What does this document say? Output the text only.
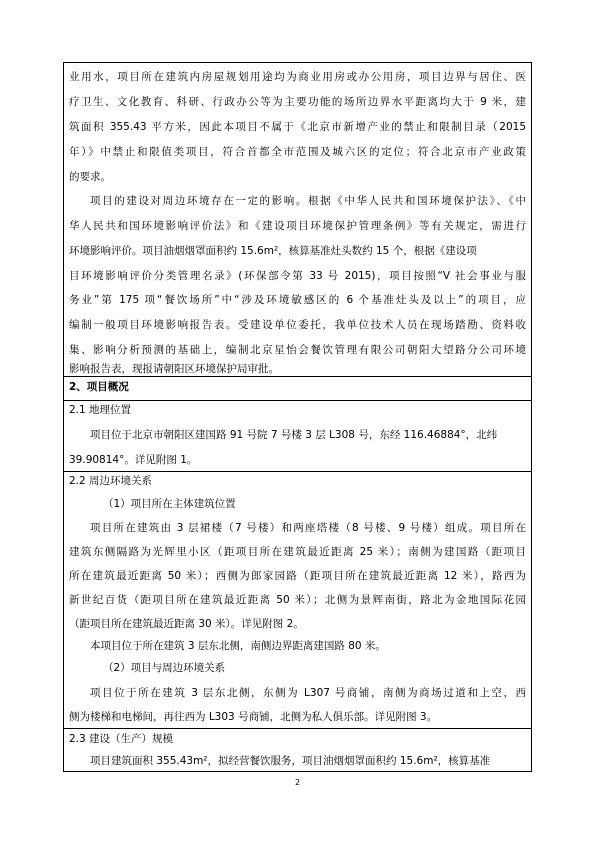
业用水，项目所在建筑内房屋规划用途均为商业用房或办公用房，项目边界与居住、医
疗卫生、文化教育、科研、行政办公等为主要功能的场所边界水平距离均大于 9 米，建
筑面积 355.43 平方米，因此本项目不属于《北京市新增产业的禁止和限制目录（2015
年）》中禁止和限值类项目，符合首都全市范围及城六区的定位；符合北京市产业政策
的要求。
项目的建设对周边环境存在一定的影响。根据《中华人民共和国环境保护法》、《中
华人民共和国环境影响评价法》和《建设项目环境保护管理条例》等有关规定，需进行
环境影响评价。项目油烟烟罩面积约 15.6m²，核算基准灶头数约 15 个，根据《建设项
目环境影响评价分类管理名录》(环保部令第 33 号 2015)，项目按照“V 社会事业与服
务业”第 175 项“餐饮场所”中“涉及环境敏感区的 6 个基准灶头及以上”的项目，应
编制一般项目环境影响报告表。受建设单位委托，我单位技术人员在现场踏勘、资料收
集、影响分析预测的基础上，编制北京星怡会餐饮管理有限公司朝阳大望路分公司环境
影响报告表，现报请朝阳区环境保护局审批。
2、项目概况
2.1 地理位置
项目位于北京市朝阳区建国路 91 号院 7 号楼 3 层 L308 号，东经 116.46884°，北纬
39.90814°。详见附图 1。
2.2 周边环境关系
（1）项目所在主体建筑位置
项目所在建筑由 3 层裙楼（7 号楼）和两座塔楼（8 号楼、9 号楼）组成。项目所在
建筑东侧隔路为光辉里小区（距项目所在建筑最近距离 25 米）；南侧为建国路（距项目
所在建筑最近距离 50 米）；西侧为郎家园路（距项目所在建筑最近距离 12 米），路西为
新世纪百货（距项目所在建筑最近距离 50 米）；北侧为景辉南街，路北为金地国际花园
（距项目所在建筑最近距离 30 米）。详见附图 2。
本项目位于所在建筑 3 层东北侧，南侧边界距离建国路 80 米。
（2）项目与周边环境关系
项目位于所在建筑 3 层东北侧，东侧为 L307 号商铺，南侧为商场过道和上空，西
侧为楼梯和电梯间，再往西为 L303 号商铺，北侧为私人俱乐部。详见附图 3。
2.3 建设（生产）规模
项目建筑面积 355.43m²，拟经营餐饮服务，项目油烟烟罩面积约 15.6m²，核算基准
2
